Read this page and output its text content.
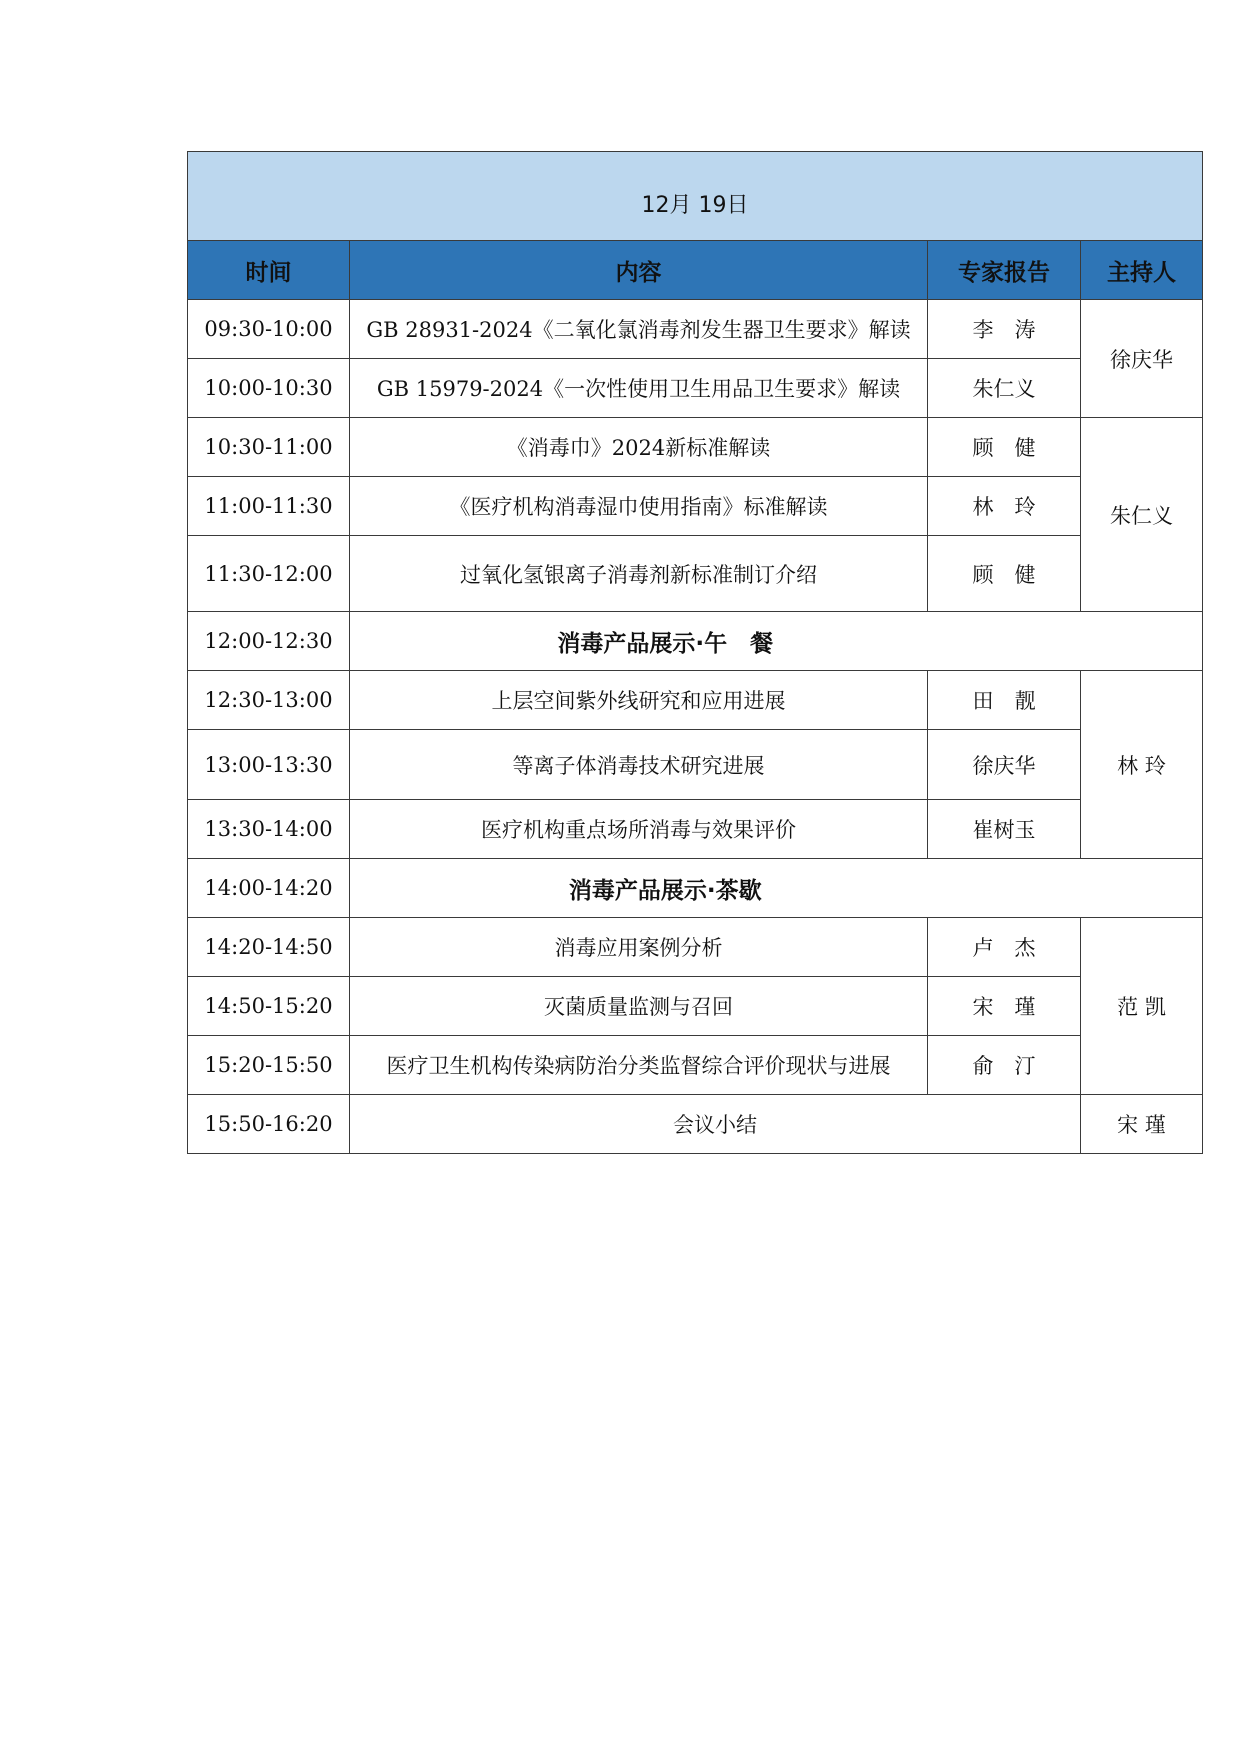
12月 19日			
时间	内容	专家报告	主持人
09:30-10:00	GB 28931-2024《二氧化氯消毒剂发生器卫生要求》解读	李　涛	徐庆华
10:00-10:30	GB 15979-2024《一次性使用卫生用品卫生要求》解读	朱仁义	
10:30-11:00	《消毒巾》2024新标准解读	顾　健	朱仁义
11:00-11:30	《医疗机构消毒湿巾使用指南》标准解读	林　玲	
11:30-12:00	过氧化氢银离子消毒剂新标准制订介绍	顾　健	
12:00-12:30	消毒产品展示·午　餐		
12:30-13:00	上层空间紫外线研究和应用进展	田　靓	林 玲
13:00-13:30	等离子体消毒技术研究进展	徐庆华	
13:30-14:00	医疗机构重点场所消毒与效果评价	崔树玉	
14:00-14:20	消毒产品展示·茶歇		
14:20-14:50	消毒应用案例分析	卢　杰	范 凯
14:50-15:20	灭菌质量监测与召回	宋　瑾	
15:20-15:50	医疗卫生机构传染病防治分类监督综合评价现状与进展	俞　汀	
15:50-16:20	会议小结		宋 瑾
